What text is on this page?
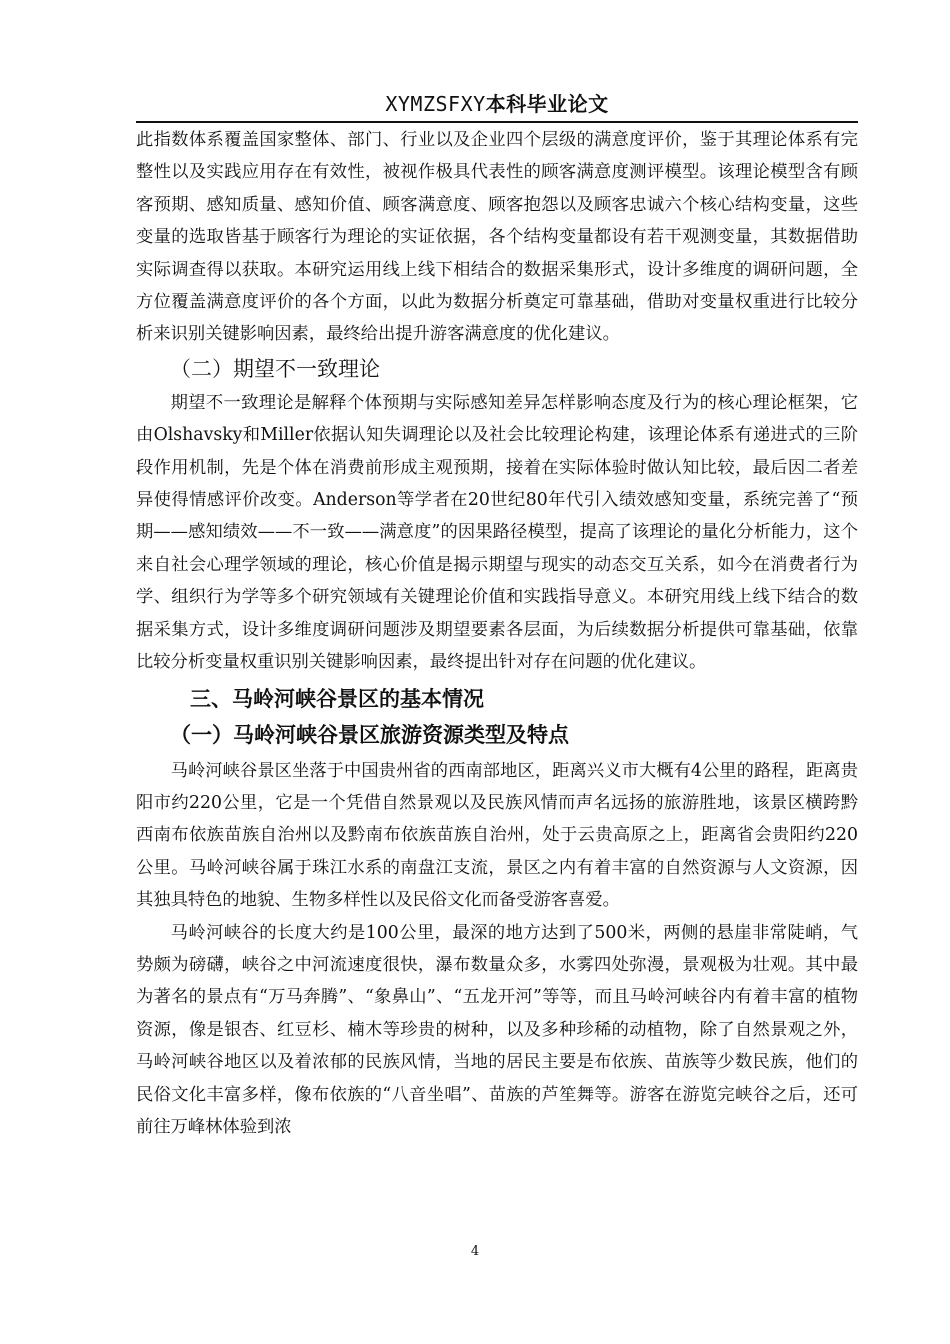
XYMZSFXY本科毕业论文

此指数体系覆盖国家整体、部门、行业以及企业四个层级的满意度评价，鉴于其理论体系有完整性以及实践应用存在有效性，被视作极具代表性的顾客满意度测评模型。该理论模型含有顾客预期、感知质量、感知价值、顾客满意度、顾客抱怨以及顾客忠诚六个核心结构变量，这些变量的选取皆基于顾客行为理论的实证依据，各个结构变量都设有若干观测变量，其数据借助实际调查得以获取。本研究运用线上线下相结合的数据采集形式，设计多维度的调研问题，全方位覆盖满意度评价的各个方面，以此为数据分析奠定可靠基础，借助对变量权重进行比较分析来识别关键影响因素，最终给出提升游客满意度的优化建议。

（二）期望不一致理论

期望不一致理论是解释个体预期与实际感知差异怎样影响态度及行为的核心理论框架，它由Olshavsky和Miller依据认知失调理论以及社会比较理论构建，该理论体系有递进式的三阶段作用机制，先是个体在消费前形成主观预期，接着在实际体验时做认知比较，最后因二者差异使得情感评价改变。Anderson等学者在20世纪80年代引入绩效感知变量，系统完善了“预期——感知绩效——不一致——满意度”的因果路径模型，提高了该理论的量化分析能力，这个来自社会心理学领域的理论，核心价值是揭示期望与现实的动态交互关系，如今在消费者行为学、组织行为学等多个研究领域有关键理论价值和实践指导意义。本研究用线上线下结合的数据采集方式，设计多维度调研问题涉及期望要素各层面，为后续数据分析提供可靠基础，依靠比较分析变量权重识别关键影响因素，最终提出针对存在问题的优化建议。

三、马岭河峡谷景区的基本情况
（一）马岭河峡谷景区旅游资源类型及特点

马岭河峡谷景区坐落于中国贵州省的西南部地区，距离兴义市大概有4公里的路程，距离贵阳市约220公里，它是一个凭借自然景观以及民族风情而声名远扬的旅游胜地，该景区横跨黔西南布依族苗族自治州以及黔南布依族苗族自治州，处于云贵高原之上，距离省会贵阳约220公里。马岭河峡谷属于珠江水系的南盘江支流，景区之内有着丰富的自然资源与人文资源，因其独具特色的地貌、生物多样性以及民俗文化而备受游客喜爱。

马岭河峡谷的长度大约是100公里，最深的地方达到了500米，两侧的悬崖非常陡峭，气势颇为磅礴，峡谷之中河流速度很快，瀑布数量众多，水雾四处弥漫，景观极为壮观。其中最为著名的景点有“万马奔腾”、“象鼻山”、“五龙开河”等等，而且马岭河峡谷内有着丰富的植物资源，像是银杏、红豆杉、楠木等珍贵的树种，以及多种珍稀的动植物，除了自然景观之外，马岭河峡谷地区以及着浓郁的民族风情，当地的居民主要是布依族、苗族等少数民族，他们的民俗文化丰富多样，像布依族的“八音坐唱”、苗族的芦笙舞等。游客在游览完峡谷之后，还可前往万峰林体验到浓

4
